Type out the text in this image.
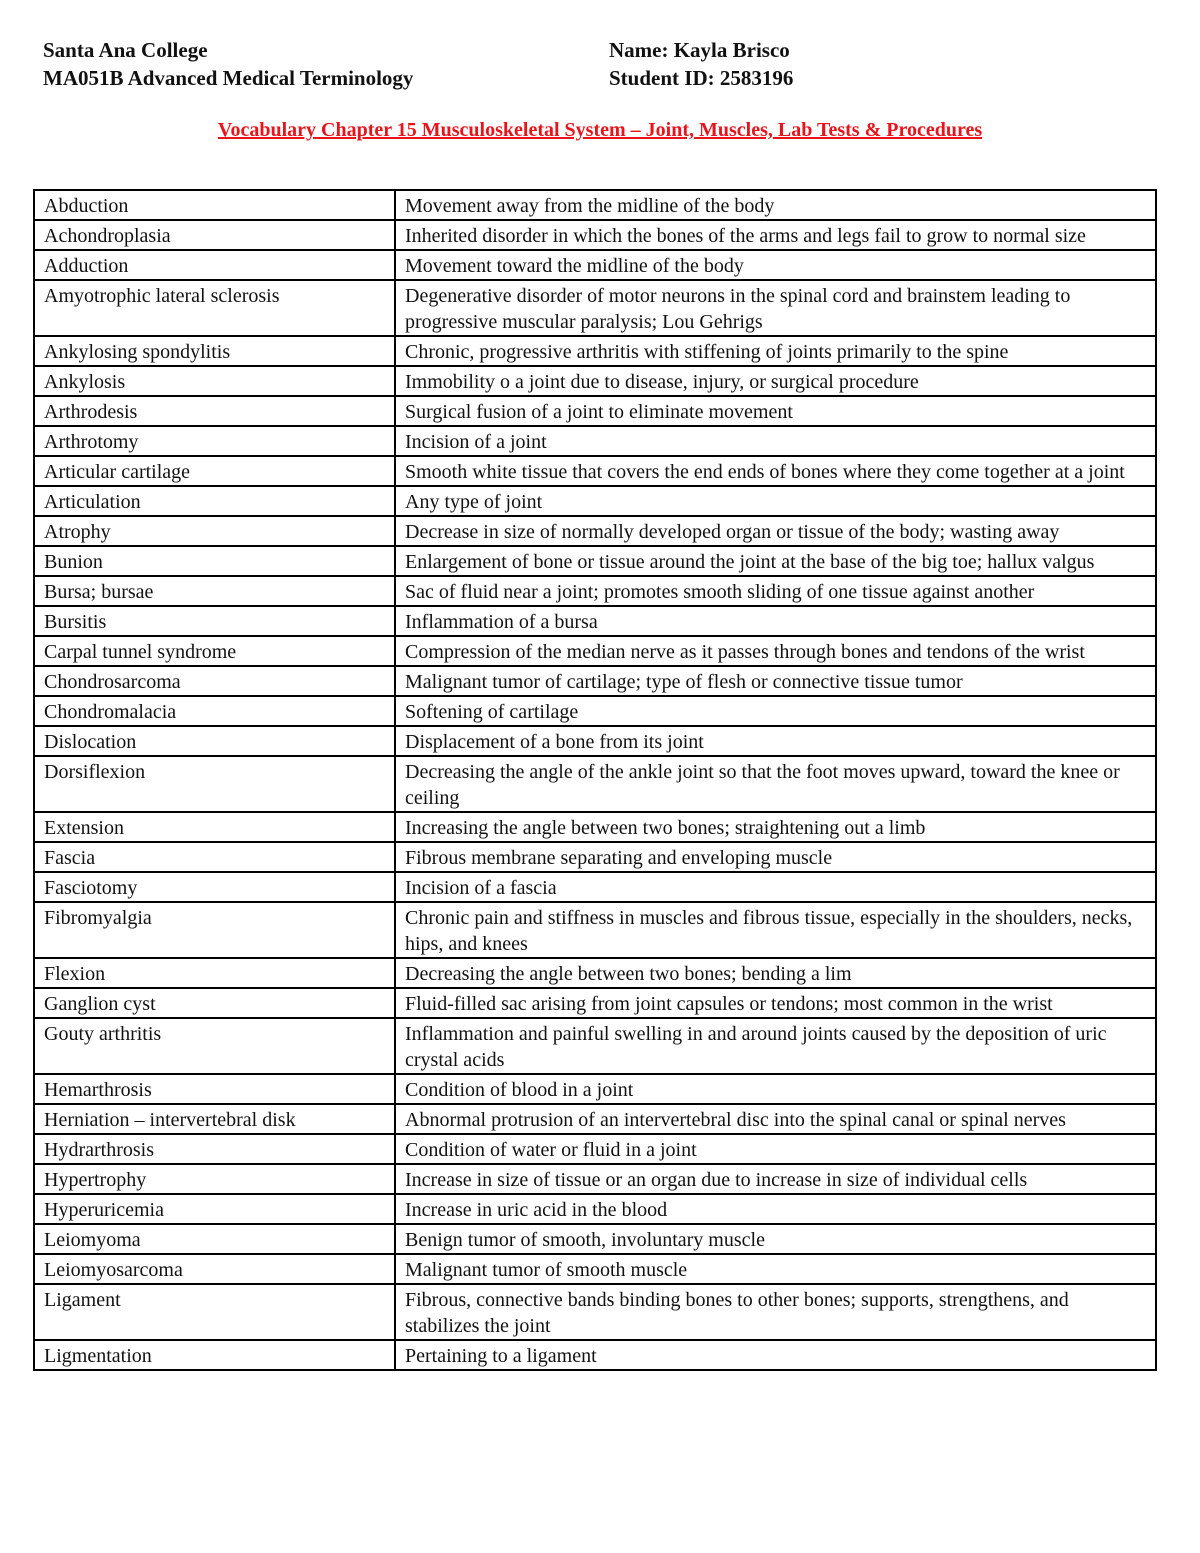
Santa Ana College
MA051B Advanced Medical Terminology
Name: Kayla Brisco
Student ID: 2583196
Vocabulary Chapter 15 Musculoskeletal System – Joint, Muscles, Lab Tests & Procedures
Abduction	Movement away from the midline of the body
Achondroplasia	Inherited disorder in which the bones of the arms and legs fail to grow to normal size
Adduction	Movement toward the midline of the body
Amyotrophic lateral sclerosis	Degenerative disorder of motor neurons in the spinal cord and brainstem leading to progressive muscular paralysis; Lou Gehrigs
Ankylosing spondylitis	Chronic, progressive arthritis with stiffening of joints primarily to the spine
Ankylosis	Immobility o a joint due to disease, injury, or surgical procedure
Arthrodesis	Surgical fusion of a joint to eliminate movement
Arthrotomy	Incision of a joint
Articular cartilage	Smooth white tissue that covers the end ends of bones where they come together at a joint
Articulation	Any type of joint
Atrophy	Decrease in size of normally developed organ or tissue of the body; wasting away
Bunion	Enlargement of bone or tissue around the joint at the base of the big toe; hallux valgus
Bursa; bursae	Sac of fluid near a joint; promotes smooth sliding of one tissue against another
Bursitis	Inflammation of a bursa
Carpal tunnel syndrome	Compression of the median nerve as it passes through bones and tendons of the wrist
Chondrosarcoma	Malignant tumor of cartilage; type of flesh or connective tissue tumor
Chondromalacia	Softening of cartilage
Dislocation	Displacement of a bone from its joint
Dorsiflexion	Decreasing the angle of the ankle joint so that the foot moves upward, toward the knee or ceiling
Extension	Increasing the angle between two bones; straightening out a limb
Fascia	Fibrous membrane separating and enveloping muscle
Fasciotomy	Incision of a fascia
Fibromyalgia	Chronic pain and stiffness in muscles and fibrous tissue, especially in the shoulders, necks, hips, and knees
Flexion	Decreasing the angle between two bones; bending a lim
Ganglion cyst	Fluid-filled sac arising from joint capsules or tendons; most common in the wrist
Gouty arthritis	Inflammation and painful swelling in and around joints caused by the deposition of uric crystal acids
Hemarthrosis	Condition of blood in a joint
Herniation – intervertebral disk	Abnormal protrusion of an intervertebral disc into the spinal canal or spinal nerves
Hydrarthrosis	Condition of water or fluid in a joint
Hypertrophy	Increase in size of tissue or an organ due to increase in size of individual cells
Hyperuricemia	Increase in uric acid in the blood
Leiomyoma	Benign tumor of smooth, involuntary muscle
Leiomyosarcoma	Malignant tumor of smooth muscle
Ligament	Fibrous, connective bands binding bones to other bones; supports, strengthens, and stabilizes the joint
Ligmentation	Pertaining to a ligament
